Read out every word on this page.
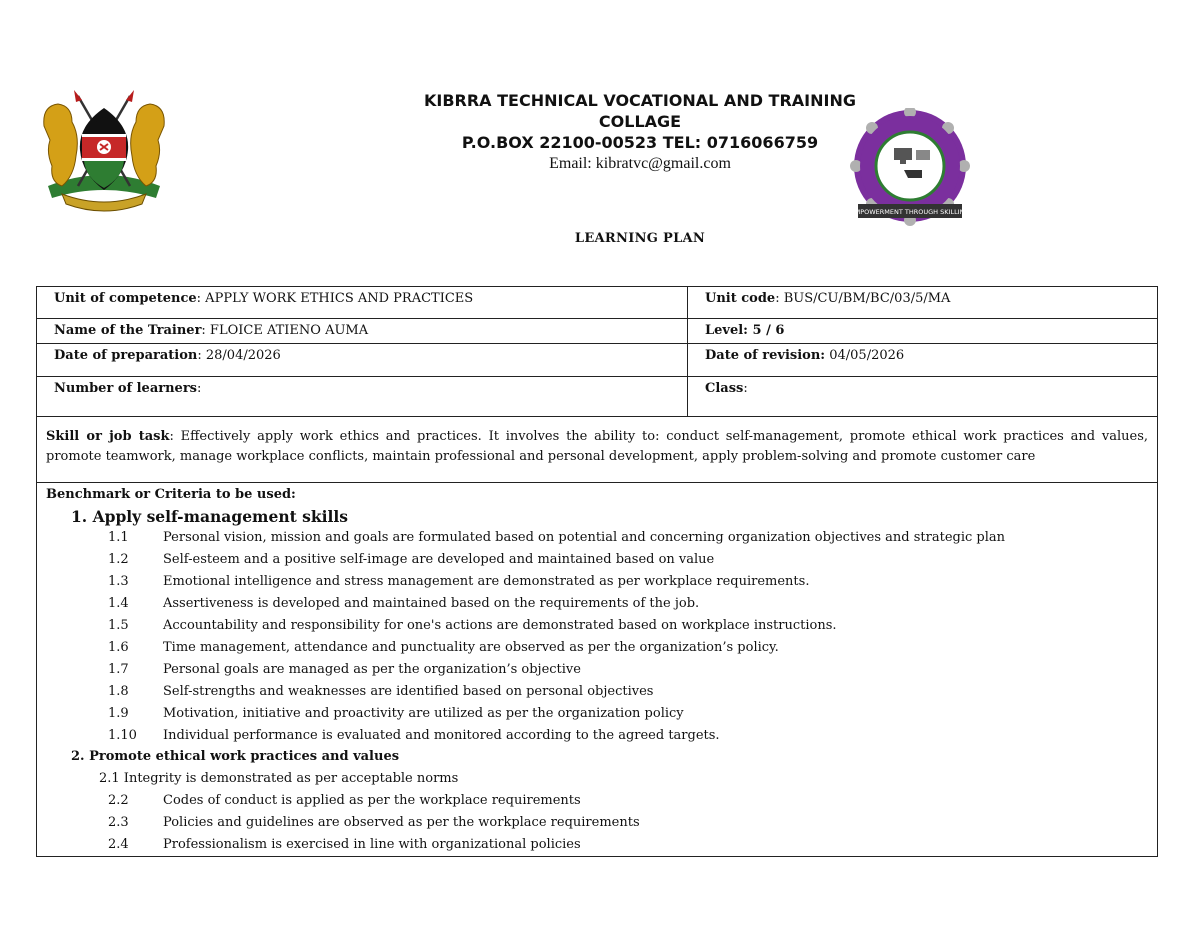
KIBRRA TECHNICAL VOCATIONAL AND TRAINING
COLLAGE
P.O.BOX 22100-00523 TEL: 0716066759
Email: kibratvc@gmail.com
EMPOWERMENT THROUGH SKILLING
LEARNING PLAN
Unit of competence: APPLY WORK ETHICS AND PRACTICES	Unit code: BUS/CU/BM/BC/03/5/MA
Name of the Trainer: FLOICE ATIENO AUMA	Level: 5 / 6
Date of preparation: 28/04/2026	Date of revision: 04/05/2026
Number of learners:	Class:
Skill or job task: Effectively apply work ethics and practices. It involves the ability to: conduct self-management, promote ethical work practices and values, promote teamwork, manage workplace conflicts, maintain professional and personal development, apply problem-solving and promote customer care
Benchmark or Criteria to be used:
1. Apply self-management skills
1.1	Personal vision, mission and goals are formulated based on potential and concerning organization objectives and strategic plan
1.2	Self-esteem and a positive self-image are developed and maintained based on value
1.3	Emotional intelligence and stress management are demonstrated as per workplace requirements.
1.4	Assertiveness is developed and maintained based on the requirements of the job.
1.5	Accountability and responsibility for one's actions are demonstrated based on workplace instructions.
1.6	Time management, attendance and punctuality are observed as per the organization’s policy.
1.7	Personal goals are managed as per the organization’s objective
1.8	Self-strengths and weaknesses are identified based on personal objectives
1.9	Motivation, initiative and proactivity are utilized as per the organization policy
1.10 Individual performance is evaluated and monitored according to the agreed targets.
2. Promote ethical work practices and values
2.1 Integrity is demonstrated as per acceptable norms
2.2	Codes of conduct is applied as per the workplace requirements
2.3	Policies and guidelines are observed as per the workplace requirements
2.4	Professionalism is exercised in line with organizational policies
